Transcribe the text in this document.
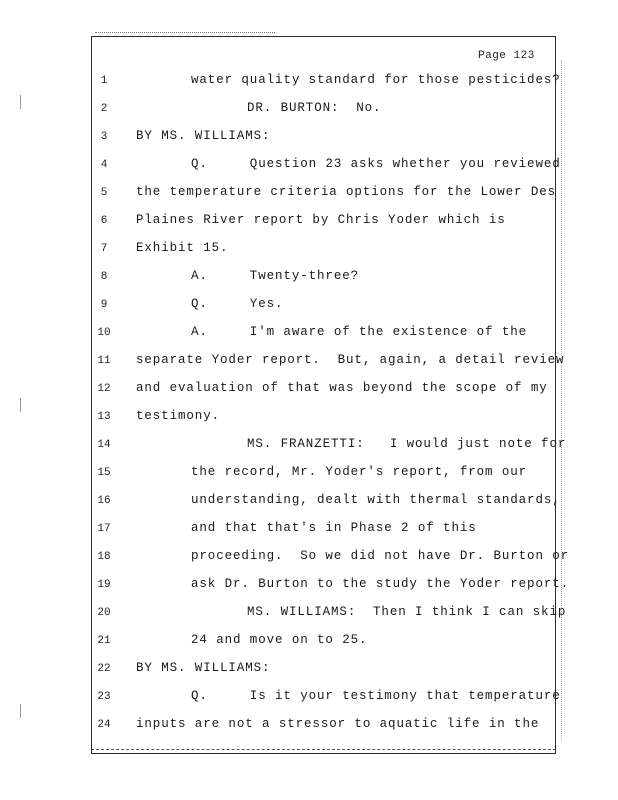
Page 123
1	water quality standard for those pesticides?
2	DR. BURTON:  No.
3	BY MS. WILLIAMS:
4	Q.     Question 23 asks whether you reviewed
5	the temperature criteria options for the Lower Des
6	Plaines River report by Chris Yoder which is
7	Exhibit 15.
8	A.     Twenty-three?
9	Q.     Yes.
10	A.     I'm aware of the existence of the
11	separate Yoder report.  But, again, a detail review
12	and evaluation of that was beyond the scope of my
13	testimony.
14	MS. FRANZETTI:   I would just note for
15	the record, Mr. Yoder's report, from our
16	understanding, dealt with thermal standards,
17	and that that's in Phase 2 of this
18	proceeding.  So we did not have Dr. Burton or
19	ask Dr. Burton to the study the Yoder report.
20	MS. WILLIAMS:  Then I think I can skip
21	24 and move on to 25.
22	BY MS. WILLIAMS:
23	Q.     Is it your testimony that temperature
24	inputs are not a stressor to aquatic life in the
